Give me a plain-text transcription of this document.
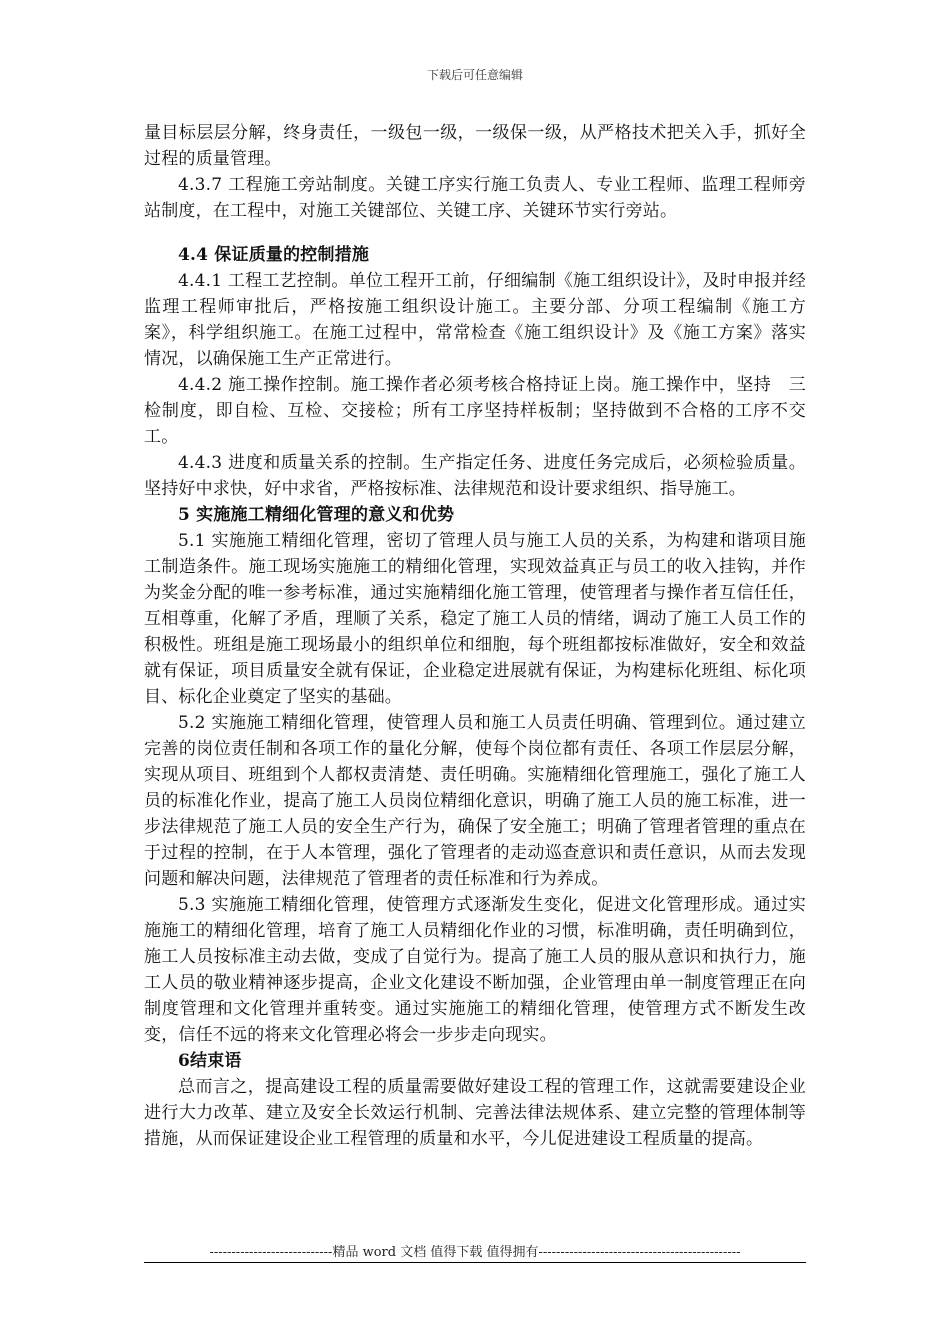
下载后可任意编辑

量目标层层分解，终身责任，一级包一级，一级保一级，从严格技术把关入手，抓好全过程的质量管理。

4.3.7 工程施工旁站制度。关键工序实行施工负责人、专业工程师、监理工程师旁站制度，在工程中，对施工关键部位、关键工序、关键环节实行旁站。

4.4 保证质量的控制措施

4.4.1 工程工艺控制。单位工程开工前，仔细编制《施工组织设计》，及时申报并经监理工程师审批后，严格按施工组织设计施工。主要分部、分项工程编制《施工方案》，科学组织施工。在施工过程中，常常检查《施工组织设计》及《施工方案》落实情况，以确保施工生产正常进行。

4.4.2 施工操作控制。施工操作者必须考核合格持证上岗。施工操作中，坚持　三检制度，即自检、互检、交接检；所有工序坚持样板制；坚持做到不合格的工序不交工。

4.4.3 进度和质量关系的控制。生产指定任务、进度任务完成后，必须检验质量。坚持好中求快，好中求省，严格按标准、法律规范和设计要求组织、指导施工。

5 实施施工精细化管理的意义和优势

5.1 实施施工精细化管理，密切了管理人员与施工人员的关系，为构建和谐项目施工制造条件。施工现场实施施工的精细化管理，实现效益真正与员工的收入挂钩，并作为奖金分配的唯一参考标准，通过实施精细化施工管理，使管理者与操作者互信任任，互相尊重，化解了矛盾，理顺了关系，稳定了施工人员的情绪，调动了施工人员工作的积极性。班组是施工现场最小的组织单位和细胞，每个班组都按标准做好，安全和效益就有保证，项目质量安全就有保证，企业稳定进展就有保证，为构建标化班组、标化项目、标化企业奠定了坚实的基础。

5.2 实施施工精细化管理，使管理人员和施工人员责任明确、管理到位。通过建立完善的岗位责任制和各项工作的量化分解，使每个岗位都有责任、各项工作层层分解，实现从项目、班组到个人都权责清楚、责任明确。实施精细化管理施工，强化了施工人员的标准化作业，提高了施工人员岗位精细化意识，明确了施工人员的施工标准，进一步法律规范了施工人员的安全生产行为，确保了安全施工；明确了管理者管理的重点在于过程的控制，在于人本管理，强化了管理者的走动巡查意识和责任意识，从而去发现问题和解决问题，法律规范了管理者的责任标准和行为养成。

5.3 实施施工精细化管理，使管理方式逐渐发生变化，促进文化管理形成。通过实施施工的精细化管理，培育了施工人员精细化作业的习惯，标准明确，责任明确到位，施工人员按标准主动去做，变成了自觉行为。提高了施工人员的服从意识和执行力，施工人员的敬业精神逐步提高，企业文化建设不断加强，企业管理由单一制度管理正在向制度管理和文化管理并重转变。通过实施施工的精细化管理，使管理方式不断发生改变，信任不远的将来文化管理必将会一步步走向现实。

6结束语

总而言之，提高建设工程的质量需要做好建设工程的管理工作，这就需要建设企业进行大力改革、建立及安全长效运行机制、完善法律法规体系、建立完整的管理体制等措施，从而保证建设企业工程管理的质量和水平，今儿促进建设工程质量的提高。

----------------------------精品 word 文档 值得下载 值得拥有----------------------------------------------
